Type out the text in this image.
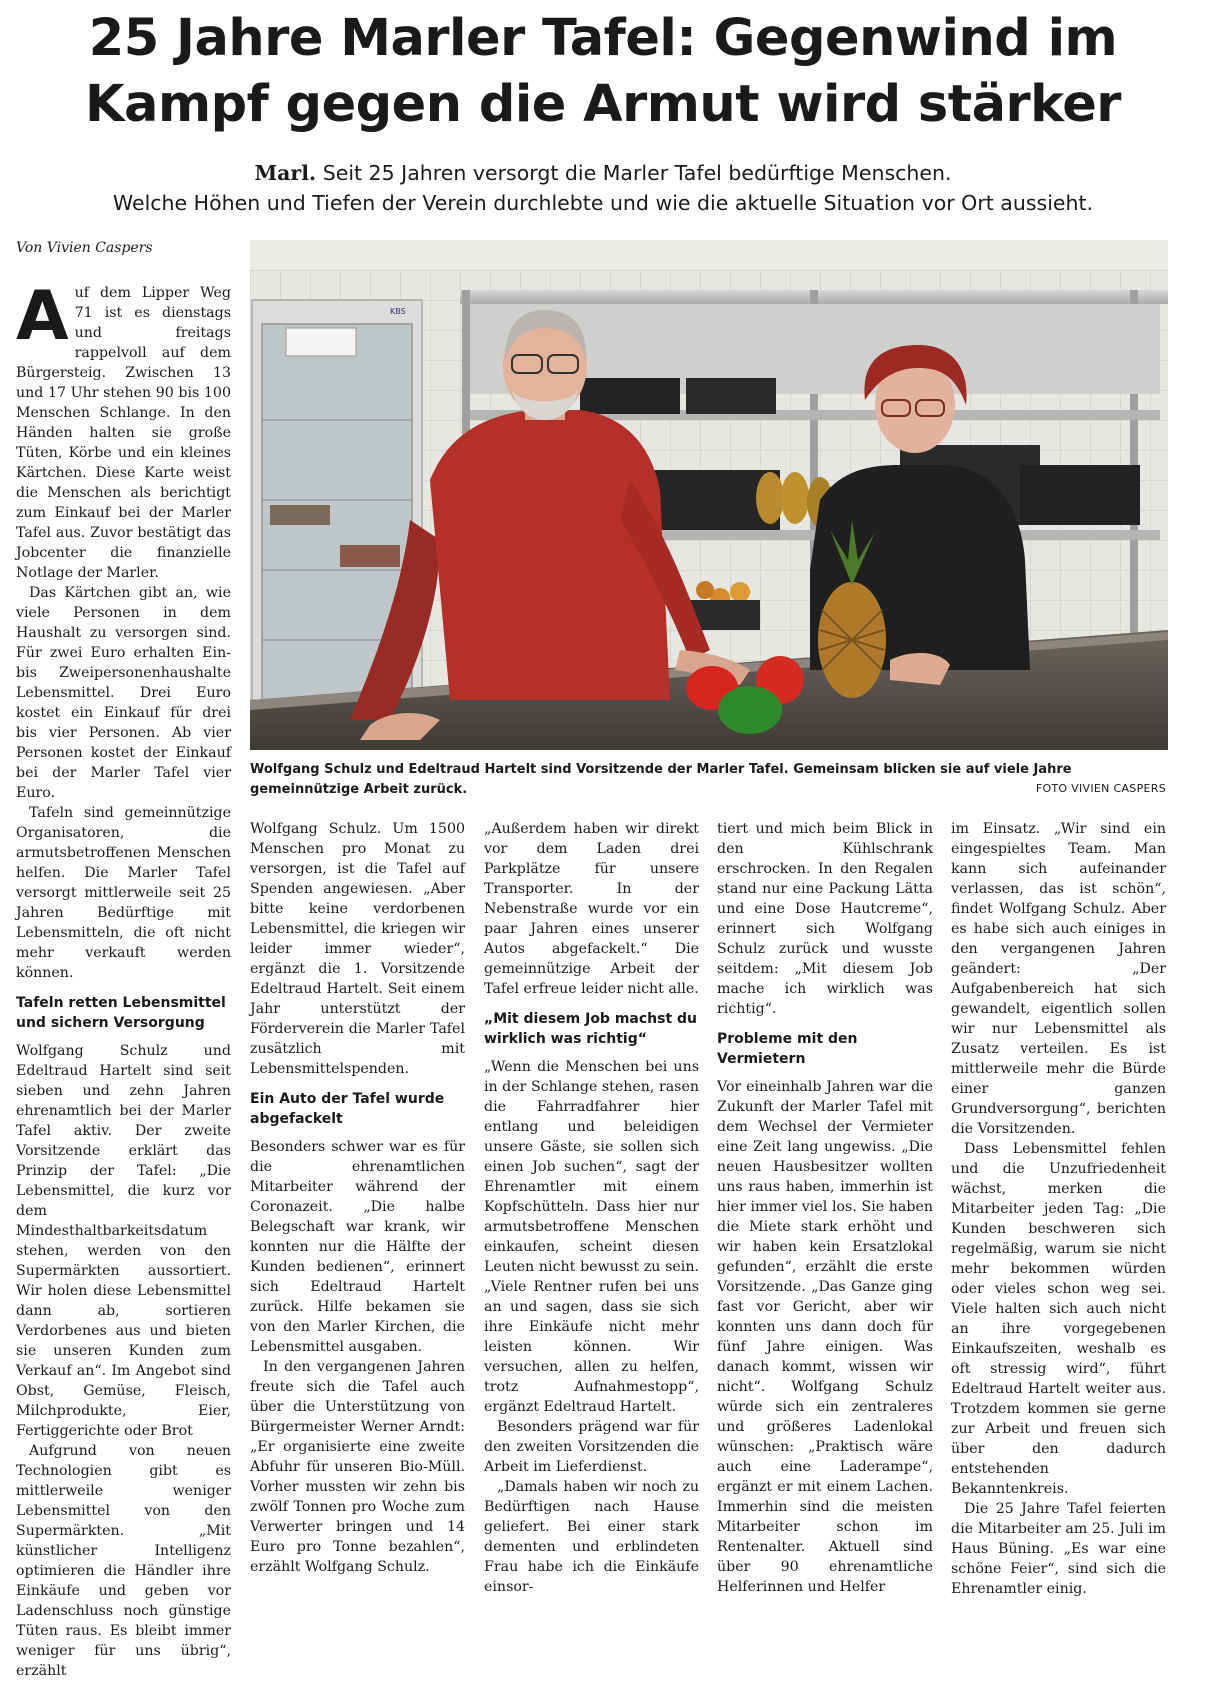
25 Jahre Marler Tafel: Gegenwind im
Kampf gegen die Armut wird stärker
Marl. Seit 25 Jahren versorgt die Marler Tafel bedürftige Menschen.
Welche Höhen und Tiefen der Verein durchlebte und wie die aktuelle Situation vor Ort aussieht.
Von Vivien Caspers
KBS
Wolfgang Schulz und Edeltraud Hartelt sind Vorsitzende der Marler Tafel. Gemeinsam blicken sie auf viele Jahre gemeinnützige Arbeit zurück.	FOTO VIVIEN CASPERS

Auf dem Lipper Weg 71 ist es dienstags und freitags rappelvoll auf dem Bürgersteig. Zwischen 13 und 17 Uhr stehen 90 bis 100 Menschen Schlange. In den Händen halten sie große Tüten, Körbe und ein kleines Kärtchen. Diese Karte weist die Menschen als berichtigt zum Einkauf bei der Marler Tafel aus. Zuvor bestätigt das Jobcenter die finanzielle Notlage der Marler.

Das Kärtchen gibt an, wie viele Personen in dem Haushalt zu versorgen sind. Für zwei Euro erhalten Ein- bis Zweipersonenhaushalte Lebensmittel. Drei Euro kostet ein Einkauf für drei bis vier Personen. Ab vier Personen kostet der Einkauf bei der Marler Tafel vier Euro.

Tafeln sind gemeinnützige Organisatoren, die armutsbetroffenen Menschen helfen. Die Marler Tafel versorgt mittlerweile seit 25 Jahren Bedürftige mit Lebensmitteln, die oft nicht mehr verkauft werden können.

Tafeln retten Lebensmittel und sichern Versorgung

Wolfgang Schulz und Edeltraud Hartelt sind seit sieben und zehn Jahren ehrenamtlich bei der Marler Tafel aktiv. Der zweite Vorsitzende erklärt das Prinzip der Tafel: „Die Lebensmittel, die kurz vor dem Mindesthaltbarkeitsdatum stehen, werden von den Supermärkten aussortiert. Wir holen diese Lebensmittel dann ab, sortieren Verdorbenes aus und bieten sie unseren Kunden zum Verkauf an“. Im Angebot sind Obst, Gemüse, Fleisch, Milchprodukte, Eier, Fertiggerichte oder Brot

Aufgrund von neuen Technologien gibt es mittlerweile weniger Lebensmittel von den Supermärkten. „Mit künstlicher Intelligenz optimieren die Händler ihre Einkäufe und geben vor Ladenschluss noch günstige Tüten raus. Es bleibt immer weniger für uns übrig“, erzählt

Wolfgang Schulz. Um 1500 Menschen pro Monat zu versorgen, ist die Tafel auf Spenden angewiesen. „Aber bitte keine verdorbenen Lebensmittel, die kriegen wir leider immer wieder“, ergänzt die 1. Vorsitzende Edeltraud Hartelt. Seit einem Jahr unterstützt der Förderverein die Marler Tafel zusätzlich mit Lebensmittelspenden.

Ein Auto der Tafel wurde abgefackelt

Besonders schwer war es für die ehrenamtlichen Mitarbeiter während der Coronazeit. „Die halbe Belegschaft war krank, wir konnten nur die Hälfte der Kunden bedienen“, erinnert sich Edeltraud Hartelt zurück. Hilfe bekamen sie von den Marler Kirchen, die Lebensmittel ausgaben.

In den vergangenen Jahren freute sich die Tafel auch über die Unterstützung von Bürgermeister Werner Arndt: „Er organisierte eine zweite Abfuhr für unseren Bio-Müll. Vorher mussten wir zehn bis zwölf Tonnen pro Woche zum Verwerter bringen und 14 Euro pro Tonne bezahlen“, erzählt Wolfgang Schulz.

„Außerdem haben wir direkt vor dem Laden drei Parkplätze für unsere Transporter. In der Nebenstraße wurde vor ein paar Jahren eines unserer Autos abgefackelt.“ Die gemeinnützige Arbeit der Tafel erfreue leider nicht alle.

„Mit diesem Job machst du wirklich was richtig“

„Wenn die Menschen bei uns in der Schlange stehen, rasen die Fahrradfahrer hier entlang und beleidigen unsere Gäste, sie sollen sich einen Job suchen“, sagt der Ehrenamtler mit einem Kopfschütteln. Dass hier nur armutsbetroffene Menschen einkaufen, scheint diesen Leuten nicht bewusst zu sein. „Viele Rentner rufen bei uns an und sagen, dass sie sich ihre Einkäufe nicht mehr leisten können. Wir versuchen, allen zu helfen, trotz Aufnahmestopp“, ergänzt Edeltraud Hartelt.

Besonders prägend war für den zweiten Vorsitzenden die Arbeit im Lieferdienst.

„Damals haben wir noch zu Bedürftigen nach Hause geliefert. Bei einer stark dementen und erblindeten Frau habe ich die Einkäufe einsor-

tiert und mich beim Blick in den Kühlschrank erschrocken. In den Regalen stand nur eine Packung Lätta und eine Dose Hautcreme“, erinnert sich Wolfgang Schulz zurück und wusste seitdem: „Mit diesem Job mache ich wirklich was richtig“.

Probleme mit den Vermietern

Vor eineinhalb Jahren war die Zukunft der Marler Tafel mit dem Wechsel der Vermieter eine Zeit lang ungewiss. „Die neuen Hausbesitzer wollten uns raus haben, immerhin ist hier immer viel los. Sie haben die Miete stark erhöht und wir haben kein Ersatzlokal gefunden“, erzählt die erste Vorsitzende. „Das Ganze ging fast vor Gericht, aber wir konnten uns dann doch für fünf Jahre einigen. Was danach kommt, wissen wir nicht“. Wolfgang Schulz würde sich ein zentraleres und größeres Ladenlokal wünschen: „Praktisch wäre auch eine Laderampe“, ergänzt er mit einem Lachen. Immerhin sind die meisten Mitarbeiter schon im Rentenalter. Aktuell sind über 90 ehrenamtliche Helferinnen und Helfer

im Einsatz. „Wir sind ein eingespieltes Team. Man kann sich aufeinander verlassen, das ist schön“, findet Wolfgang Schulz. Aber es habe sich auch einiges in den vergangenen Jahren geändert: „Der Aufgabenbereich hat sich gewandelt, eigentlich sollen wir nur Lebensmittel als Zusatz verteilen. Es ist mittlerweile mehr die Bürde einer ganzen Grundversorgung“, berichten die Vorsitzenden.

Dass Lebensmittel fehlen und die Unzufriedenheit wächst, merken die Mitarbeiter jeden Tag: „Die Kunden beschweren sich regelmäßig, warum sie nicht mehr bekommen würden oder vieles schon weg sei. Viele halten sich auch nicht an ihre vorgegebenen Einkaufszeiten, weshalb es oft stressig wird“, führt Edeltraud Hartelt weiter aus. Trotzdem kommen sie gerne zur Arbeit und freuen sich über den dadurch entstehenden Bekanntenkreis.

Die 25 Jahre Tafel feierten die Mitarbeiter am 25. Juli im Haus Büning. „Es war eine schöne Feier“, sind sich die Ehrenamtler einig.
